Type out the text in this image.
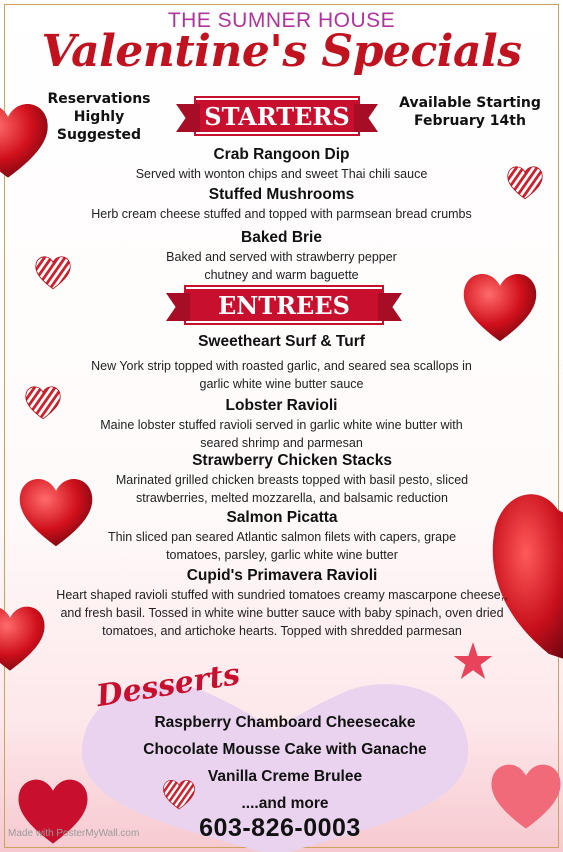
THE SUMNER HOUSE
Valentine's Specials
Reservations Highly Suggested
Available Starting February 14th
STARTERS
Crab Rangoon Dip
Served with wonton chips and sweet Thai chili sauce
Stuffed Mushrooms
Herb cream cheese stuffed and topped with parmsean bread crumbs
Baked Brie
Baked and served with strawberry pepper chutney and warm baguette
ENTREES
Sweetheart Surf & Turf
New York strip topped with roasted garlic, and seared sea scallops in garlic white wine butter sauce
Lobster Ravioli
Maine lobster stuffed ravioli served in garlic white wine butter with seared shrimp and parmesan
Strawberry Chicken Stacks
Marinated grilled chicken breasts topped with basil pesto, sliced strawberries, melted mozzarella, and balsamic reduction
Salmon Picatta
Thin sliced pan seared Atlantic salmon filets with capers, grape tomatoes, parsley, garlic white wine butter
Cupid's Primavera Ravioli
Heart shaped ravioli stuffed with sundried tomatoes creamy mascarpone cheese,, and fresh basil. Tossed in white wine butter sauce with baby spinach, oven dried tomatoes, and artichoke hearts. Topped with shredded parmesan
Desserts
Raspberry Chamboard Cheesecake
Chocolate Mousse Cake with Ganache
Vanilla Creme Brulee
....and more
603-826-0003
Made with PosterMyWall.com
